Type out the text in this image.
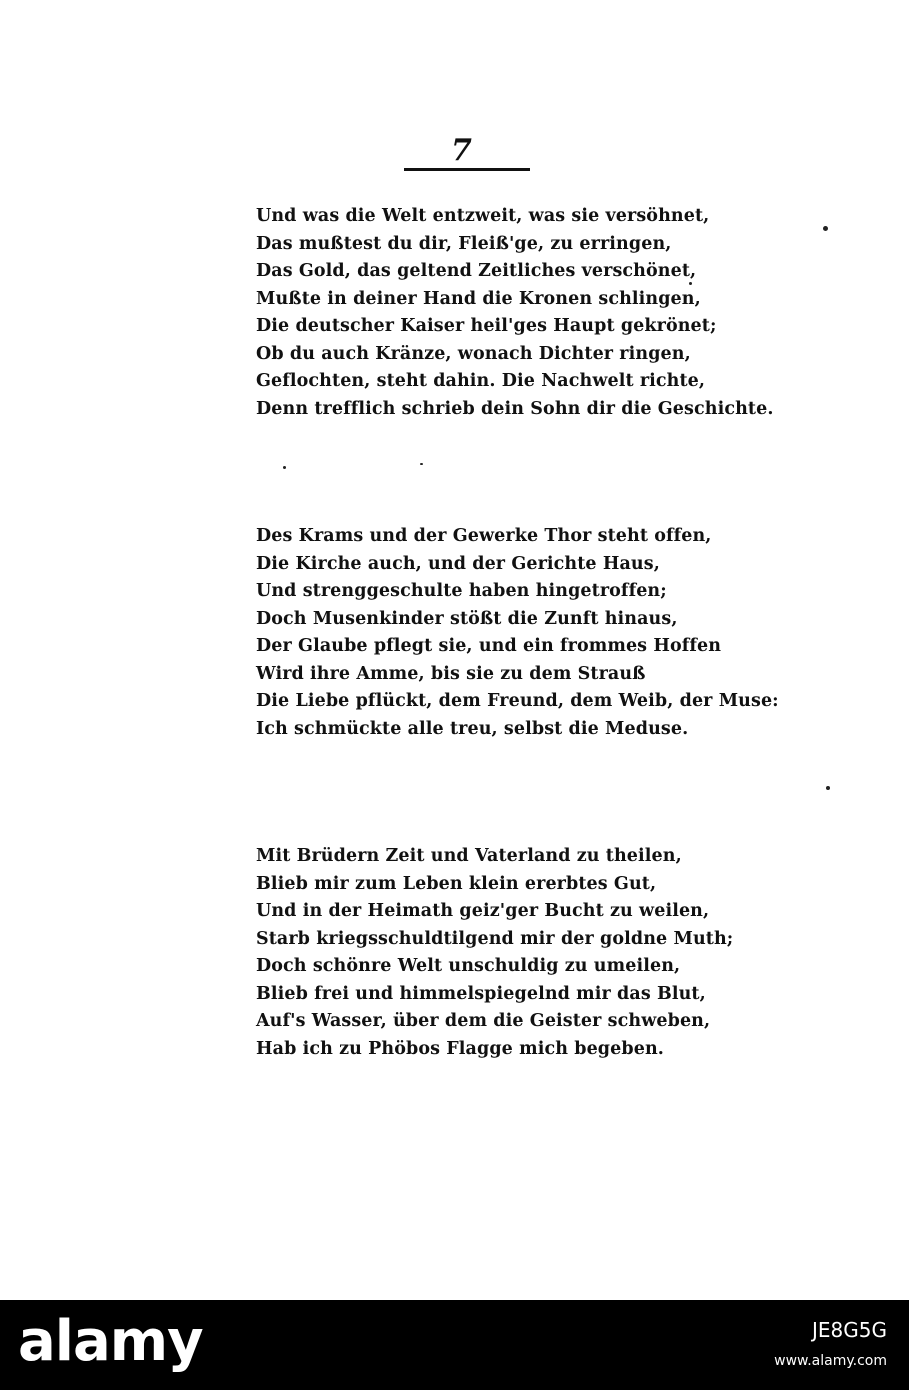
7
Und was die Welt entzweit, was sie versöhnet,
Das mußtest du dir, Fleiß'ge, zu erringen,
Das Gold, das geltend Zeitliches verschönet,
Mußte in deiner Hand die Kronen schlingen,
Die deutscher Kaiser heil'ges Haupt gekrönet;
Ob du auch Kränze, wonach Dichter ringen,
Geflochten, steht dahin. Die Nachwelt richte,
Denn trefflich schrieb dein Sohn dir die Geschichte.
Des Krams und der Gewerke Thor steht offen,
Die Kirche auch, und der Gerichte Haus,
Und strenggeschulte haben hingetroffen;
Doch Musenkinder stößt die Zunft hinaus,
Der Glaube pflegt sie, und ein frommes Hoffen
Wird ihre Amme, bis sie zu dem Strauß
Die Liebe pflückt, dem Freund, dem Weib, der Muse:
Ich schmückte alle treu, selbst die Meduse.
Mit Brüdern Zeit und Vaterland zu theilen,
Blieb mir zum Leben klein ererbtes Gut,
Und in der Heimath geiz'ger Bucht zu weilen,
Starb kriegsschuldtilgend mir der goldne Muth;
Doch schönre Welt unschuldig zu umeilen,
Blieb frei und himmelspiegelnd mir das Blut,
Auf's Wasser, über dem die Geister schweben,
Hab ich zu Phöbos Flagge mich begeben.
alamy	JE8G5G
www.alamy.com
